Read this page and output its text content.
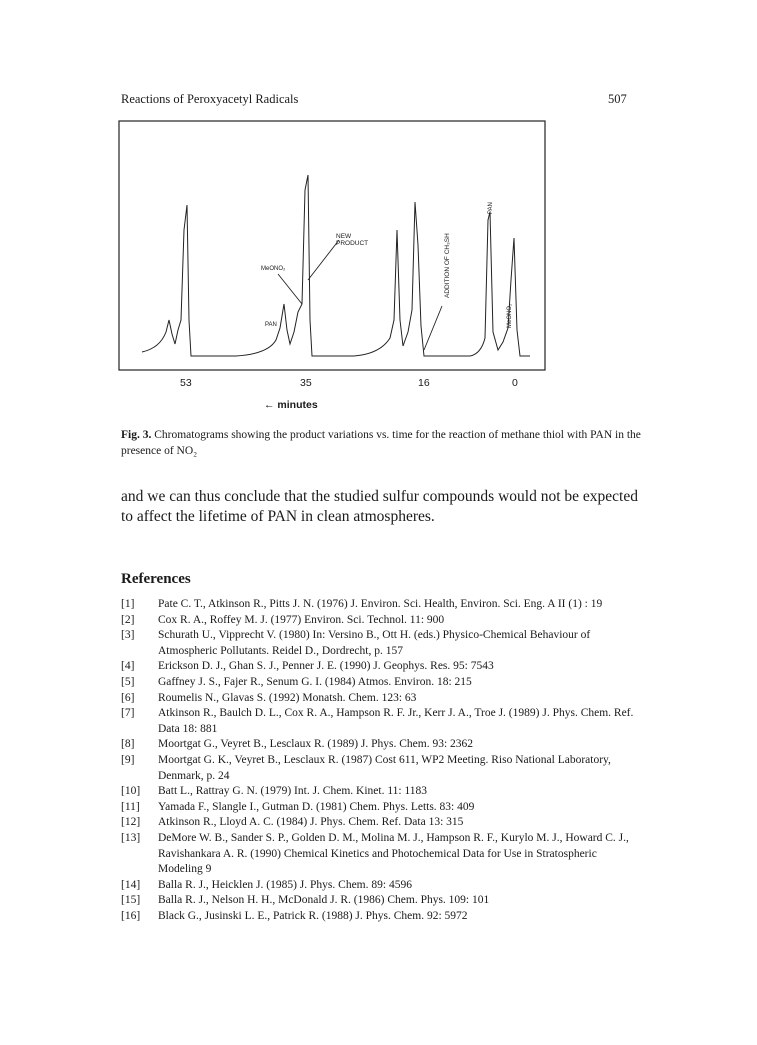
Reactions of Peroxyacetyl Radicals	507
NEW
PRODUCT
MeONO₂
PAN
ADDITION OF CH₃SH
PAN
MeONO₂
53	35	16	0
← minutes
Fig. 3. Chromatograms showing the product variations vs. time for the reaction of methane thiol with PAN in the presence of NO₂
and we can thus conclude that the studied sulfur compounds would not be expected to affect the lifetime of PAN in clean atmospheres.
References
[1]	Pate C. T., Atkinson R., Pitts J. N. (1976) J. Environ. Sci. Health, Environ. Sci. Eng. A II (1) : 19
[2]	Cox R. A., Roffey M. J. (1977) Environ. Sci. Technol. 11: 900
[3]	Schurath U., Vipprecht V. (1980) In: Versino B., Ott H. (eds.) Physico-Chemical Behaviour of Atmospheric Pollutants. Reidel D., Dordrecht, p. 157
[4]	Erickson D. J., Ghan S. J., Penner J. E. (1990) J. Geophys. Res. 95: 7543
[5]	Gaffney J. S., Fajer R., Senum G. I. (1984) Atmos. Environ. 18: 215
[6]	Roumelis N., Glavas S. (1992) Monatsh. Chem. 123: 63
[7]	Atkinson R., Baulch D. L., Cox R. A., Hampson R. F. Jr., Kerr J. A., Troe J. (1989) J. Phys. Chem. Ref. Data 18: 881
[8]	Moortgat G., Veyret B., Lesclaux R. (1989) J. Phys. Chem. 93: 2362
[9]	Moortgat G. K., Veyret B., Lesclaux R. (1987) Cost 611, WP2 Meeting. Riso National Laboratory, Denmark, p. 24
[10]	Batt L., Rattray G. N. (1979) Int. J. Chem. Kinet. 11: 1183
[11]	Yamada F., Slangle I., Gutman D. (1981) Chem. Phys. Letts. 83: 409
[12]	Atkinson R., Lloyd A. C. (1984) J. Phys. Chem. Ref. Data 13: 315
[13]	DeMore W. B., Sander S. P., Golden D. M., Molina M. J., Hampson R. F., Kurylo M. J., Howard C. J., Ravishankara A. R. (1990) Chemical Kinetics and Photochemical Data for Use in Stratospheric Modeling 9
[14]	Balla R. J., Heicklen J. (1985) J. Phys. Chem. 89: 4596
[15]	Balla R. J., Nelson H. H., McDonald J. R. (1986) Chem. Phys. 109: 101
[16]	Black G., Jusinski L. E., Patrick R. (1988) J. Phys. Chem. 92: 5972
